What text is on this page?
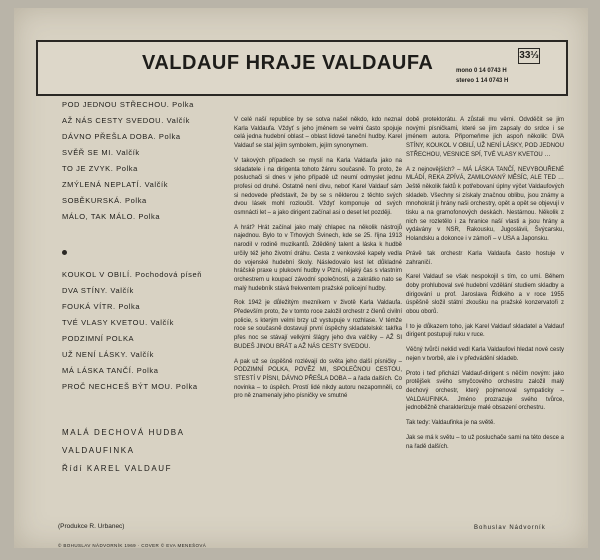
VALDAUF HRAJE VALDAUFA	33⅓
mono 0 14 0743 H
stereo 1 14 0743 H
POD JEDNOU STŘECHOU. Polka
AŽ NÁS CESTY SVEDOU. Valčík
DÁVNO PŘEŠLA DOBA. Polka
SVĚŘ SE MI. Valčík
TO JE ZVYK. Polka
ZMÝLENÁ NEPLATÍ. Valčík
SOBĚKURSKÁ. Polka
MÁLO, TAK MÁLO. Polka
KOUKOL V OBILÍ. Pochodová píseň
DVA STÍNY. Valčík
FOUKÁ VÍTR. Polka
TVÉ VLASY KVETOU. Valčík
PODZIMNÍ POLKA
UŽ NENÍ LÁSKY. Valčík
MÁ LÁSKA TANČÍ. Polka
PROČ NECHCEŠ BÝT MOU. Polka
MALÁ DECHOVÁ HUDBA
VALDAUFINKA
Řídí KAREL VALDAUF
(Produkce R. Urbanec)
© BOHUSLAV NÁDVORNÍK 1969 · COVER © EVA MENEŠOVÁ

V celé naší republice by se sotva našel někdo, kdo neznal Karla Valdaufa. Vždyť s jeho jménem se velmi často spojuje celá jedna hudební oblast – oblast lidové taneční hudby. Karel Valdauf se stal jejím symbolem, jejím synonymem.

V takových případech se myslí na Karla Valdaufa jako na skladatele i na dirigenta tohoto žánru současně. To proto, že posluchači si dnes v jeho případě už neumí odmyslet jednu profesi od druhé. Ostatně není divu, neboť Karel Valdauf sám si nedovede představit, že by se s některou z těchto svých dvou lásek mohl rozloučit. Vždyť komponuje od svých osmnácti let – a jako dirigent začínal asi o deset let později.

A hrát? Hrát začínal jako malý chlapec na několik nástrojů najednou. Bylo to v Trhových Svinech, kde se 25. října 1913 narodil v rodině muzikantů. Zděděný talent a láska k hudbě určily též jeho životní dráhu. Cesta z venkovské kapely vedla do vojenské hudební školy. Následovalo lest let důkladné hráčské praxe u plukovní hudby v Plzni, nějaký čas s vlastním orchestrem u koupací závodní společnosti, a zakrátko nato se malý hudebník stává frekventem pražské policejní hudby.

Rok 1942 je důležitým mezníkem v životě Karla Valdaufa. Především proto, že v tomto roce založil orchestr z členů civilní policie, s kterým velmi brzy už vystupuje v rozhlase. V témže roce se současně dostavují první úspěchy skladatelské: takřka přes noc se stávají velkými šlágry jeho dva valčíky – AŽ SI BUDEŠ JINOU BRÁT a AŽ NÁS CESTY SVEDOU.

A pak už se úspěšně rozlévají do světa jeho další písničky – PODZIMNÍ POLKA, POVĚZ MI, SPOLEČNOU CESTOU, STESTÍ V PÍSNI, DÁVNO PŘEŠLA DOBA – a řada dalších. Co novinka – to úspěch. Prostí lidé nikdy autoru nezapomněli, co pro ně znamenaly jeho písničky ve smutné

době protektorátu. A zůstali mu věrni. Odvděčit se jim novými písničkami, které se jim zapsaly do srdce i se jménem autora. Připomeňme jich aspoň několik: DVA STÍNY, KOUKOL V OBILÍ, UŽ NENÍ LÁSKY, POD JEDNOU STŘECHOU, VESNICE SPÍ, TVÉ VLASY KVETOU …

A z nejnovějších? – MÁ LÁSKA TANČÍ, NEVYBOUŘENÉ MLÁDÍ, REKA ZPÍVÁ, ZAMILOVANÝ MĚSÍC, ALE TED … Ještě několik faktů k potřebovaní úplny výčet Valdaufových skladeb. Všechny si získaly značnou oblibu, jsou známy a mnohokrát ji hrány naši orchestry, opět a opět se objevují v tisku a na gramofonových deskách. Nestárnou. Několik z nich se rozletělo i za hranice naší vlasti a jsou hrány a vydávány v NSR, Rakousku, Jugoslávii, Švýcarsku, Holandsku a dokonce i v zámoří – v USA a Japonsku.

Právě tak orchestr Karla Valdaufa často hostuje v zahraničí.

Karel Valdauf se však nespokojil s tím, co umí. Během doby prohluboval své hudební vzdělání studiem skladby a dirigování u prof. Jaroslava Řídkého a v roce 1955 úspěšně složil státní zkoušku na pražské konzervatoři z obou oborů.

I to je důkazem toho, jak Karel Valdauf skladatel a Valdauf dirigent postupují ruku v ruce.

Věčný tvůrčí neklid vedl Karla Valdaufovi hledat nové cesty nejen v tvorbě, ale i v předvádění skladeb.

Proto i teď přichází Valdauf-dirigent s něčím novým: jako protějšek svého smyčcového orchestru založil malý dechový orchestr, který pojmenoval sympaticky – VALDAUFINKA. Jméno prozrazuje svého tvůrce, jednoběžně charakterizuje malé obsazení orchestru.

Tak tedy: Valdaufinka je na světě.

Jak se má k světu – to už posluchače sami na této desce a na řadě dalších.

Bohuslav Nádvorník
